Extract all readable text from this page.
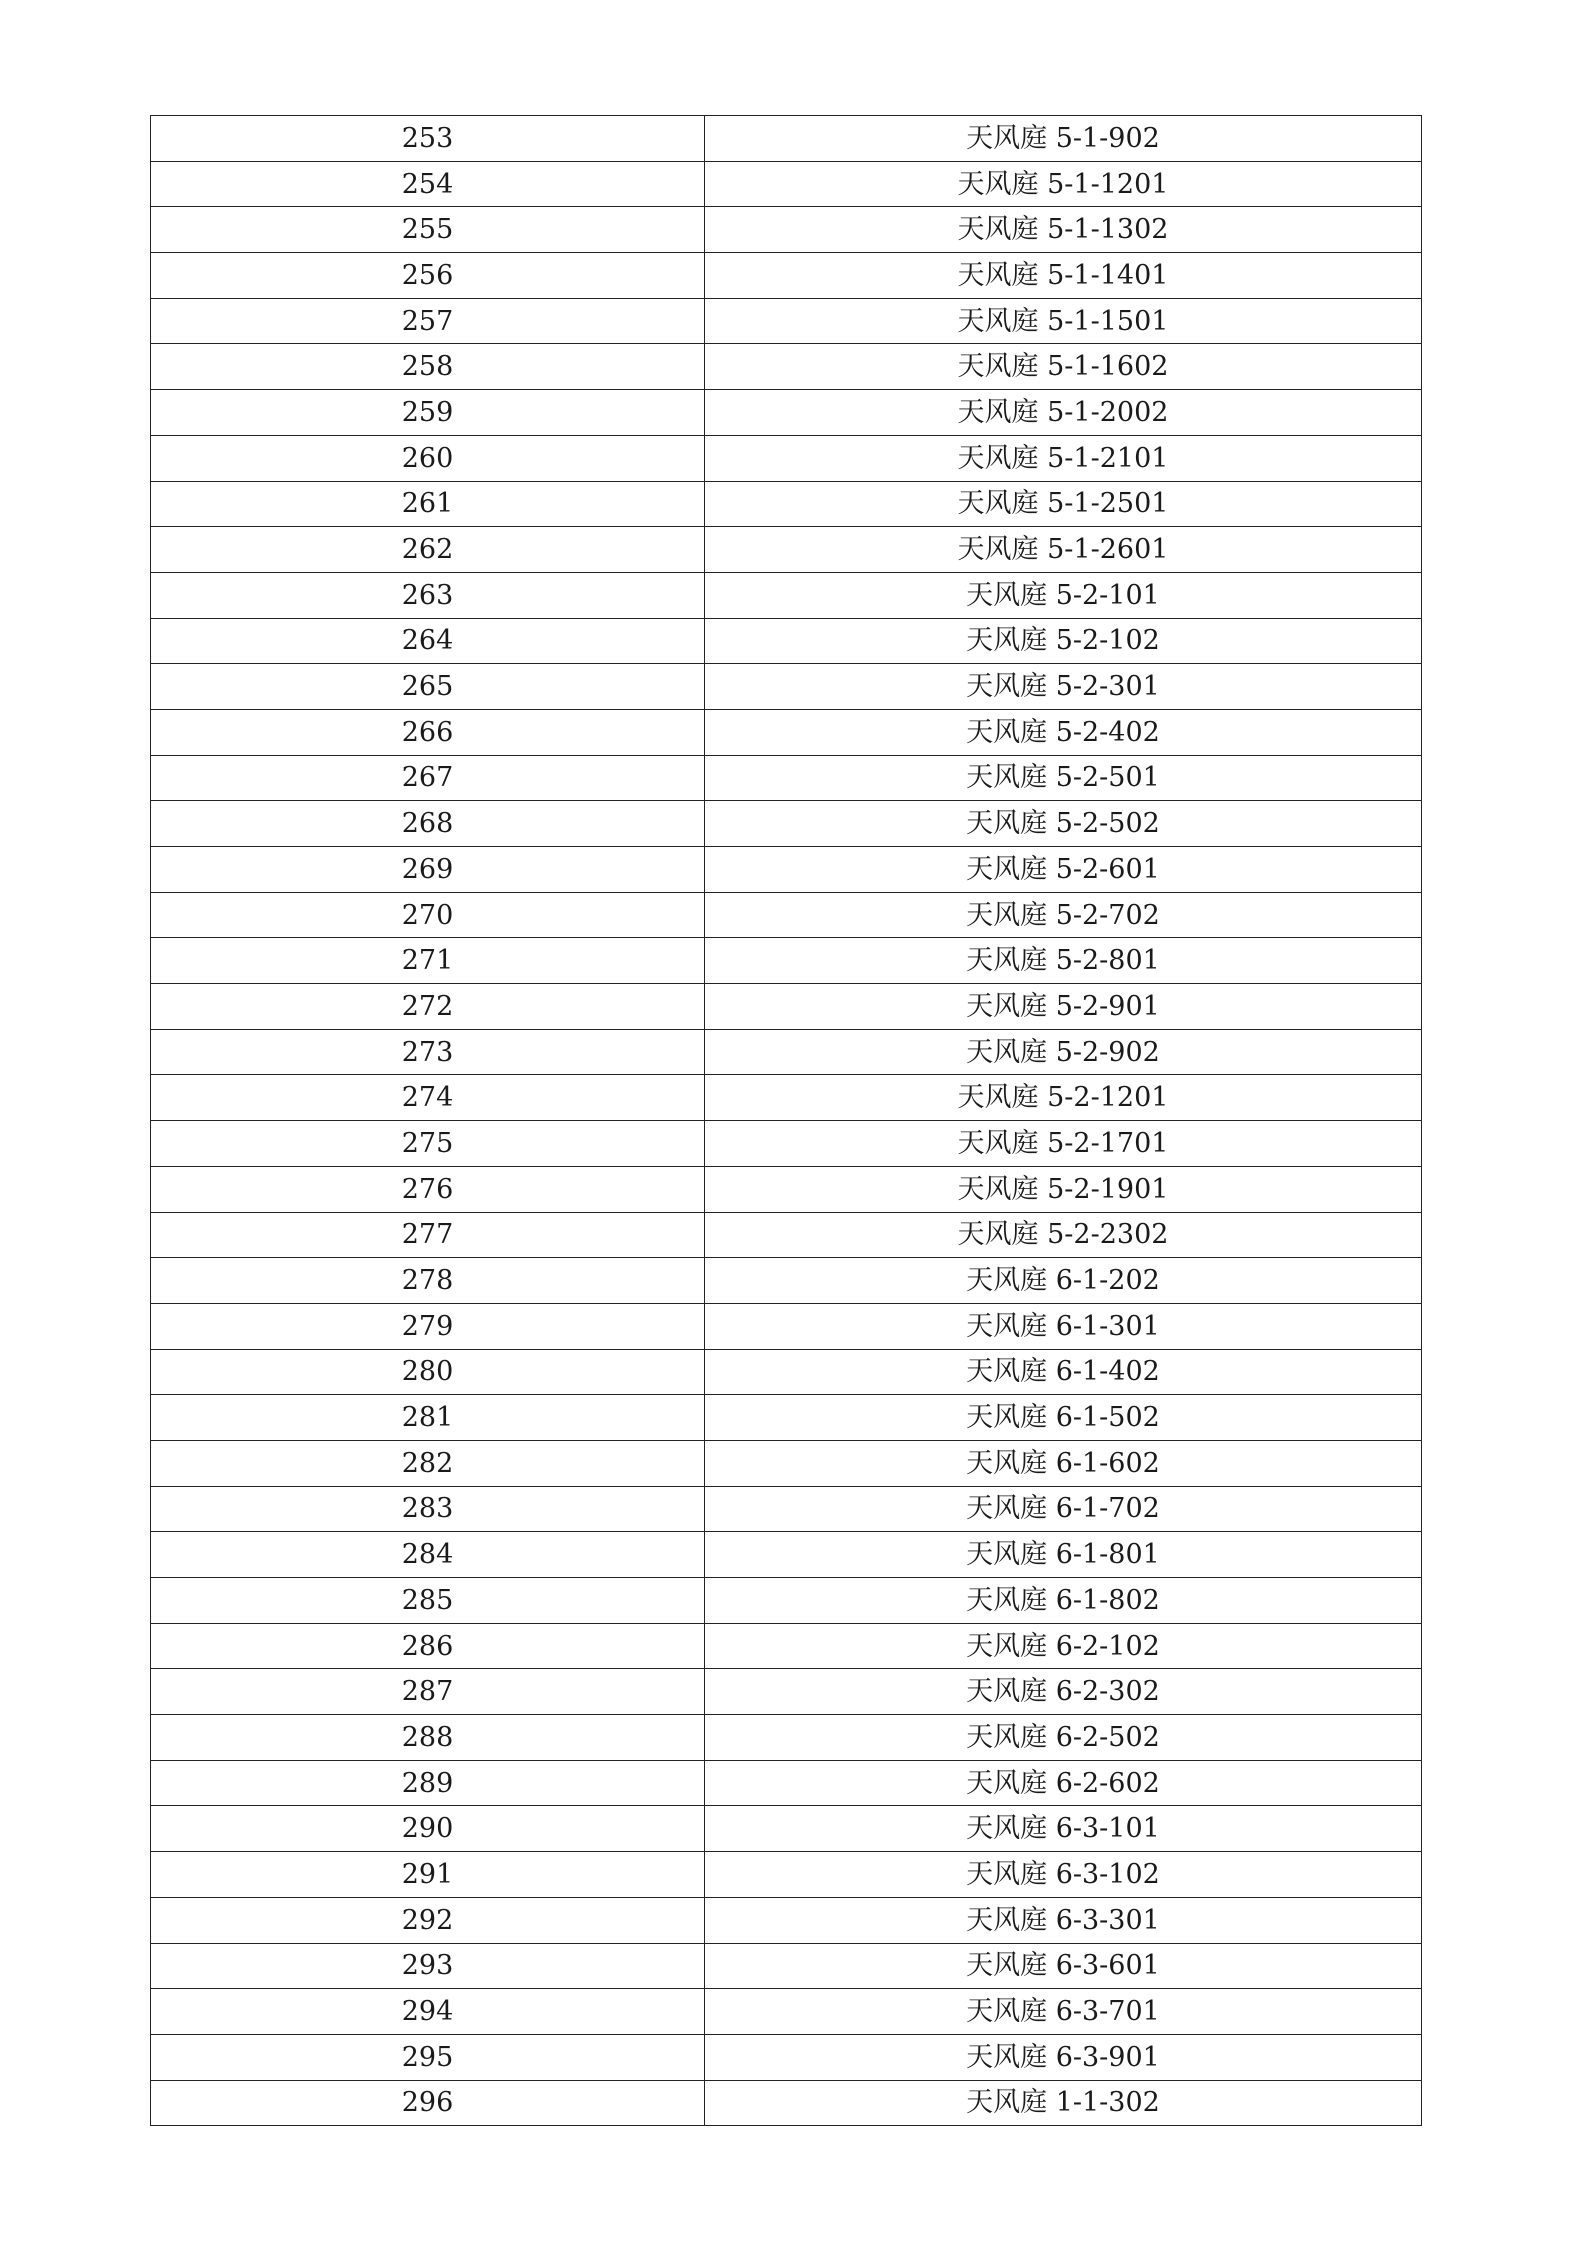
253	天风庭 5-1-902
254	天风庭 5-1-1201
255	天风庭 5-1-1302
256	天风庭 5-1-1401
257	天风庭 5-1-1501
258	天风庭 5-1-1602
259	天风庭 5-1-2002
260	天风庭 5-1-2101
261	天风庭 5-1-2501
262	天风庭 5-1-2601
263	天风庭 5-2-101
264	天风庭 5-2-102
265	天风庭 5-2-301
266	天风庭 5-2-402
267	天风庭 5-2-501
268	天风庭 5-2-502
269	天风庭 5-2-601
270	天风庭 5-2-702
271	天风庭 5-2-801
272	天风庭 5-2-901
273	天风庭 5-2-902
274	天风庭 5-2-1201
275	天风庭 5-2-1701
276	天风庭 5-2-1901
277	天风庭 5-2-2302
278	天风庭 6-1-202
279	天风庭 6-1-301
280	天风庭 6-1-402
281	天风庭 6-1-502
282	天风庭 6-1-602
283	天风庭 6-1-702
284	天风庭 6-1-801
285	天风庭 6-1-802
286	天风庭 6-2-102
287	天风庭 6-2-302
288	天风庭 6-2-502
289	天风庭 6-2-602
290	天风庭 6-3-101
291	天风庭 6-3-102
292	天风庭 6-3-301
293	天风庭 6-3-601
294	天风庭 6-3-701
295	天风庭 6-3-901
296	天风庭 1-1-302
